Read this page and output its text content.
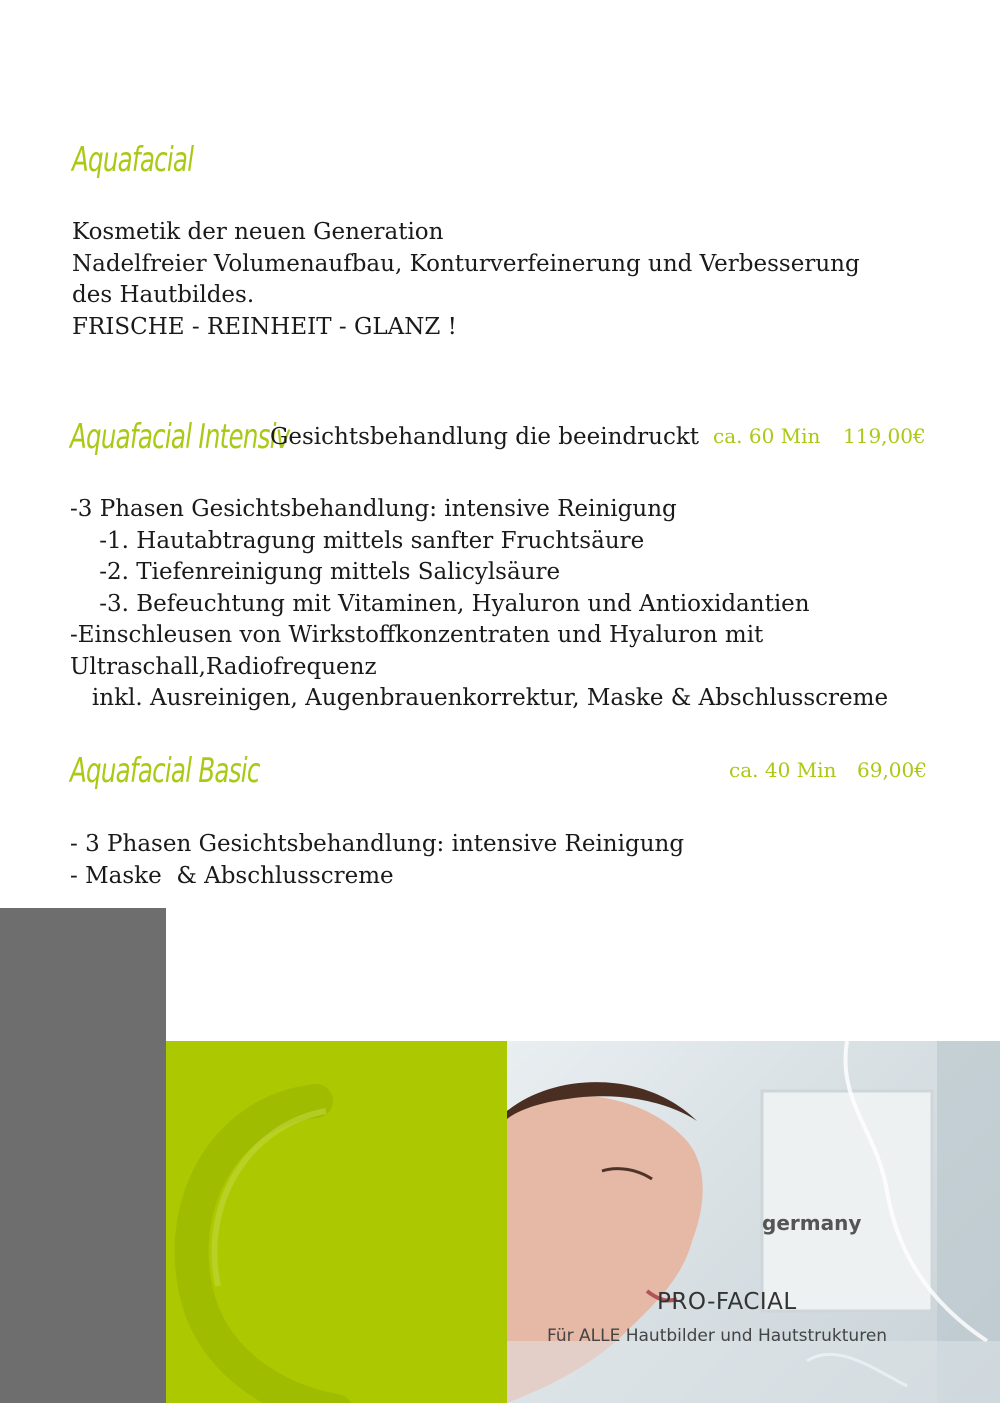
Aquafacial
Kosmetik der neuen Generation
Nadelfreier Volumenaufbau, Konturverfeinerung und Verbesserung
des Hautbildes.
FRISCHE - REINHEIT - GLANZ !
Aquafacial Intensiv
Gesichtsbehandlung die beeindruckt ca. 60 Min 119,00€
-3 Phasen Gesichtsbehandlung: intensive Reinigung
-1. Hautabtragung mittels sanfter Fruchtsäure
-2. Tiefenreinigung mittels Salicylsäure
-3. Befeuchtung mit Vitaminen, Hyaluron und Antioxidantien
-Einschleusen von Wirkstoffkonzentraten und Hyaluron mit
Ultraschall,Radiofrequenz
inkl. Ausreinigen, Augenbrauenkorrektur, Maske & Abschlusscreme
Aquafacial Basic	ca. 40 Min 69,00€
- 3 Phasen Gesichtsbehandlung: intensive Reinigung
- Maske  & Abschlusscreme
germany
PRO-FACIAL
Für ALLE Hautbilder und Hautstrukturen
